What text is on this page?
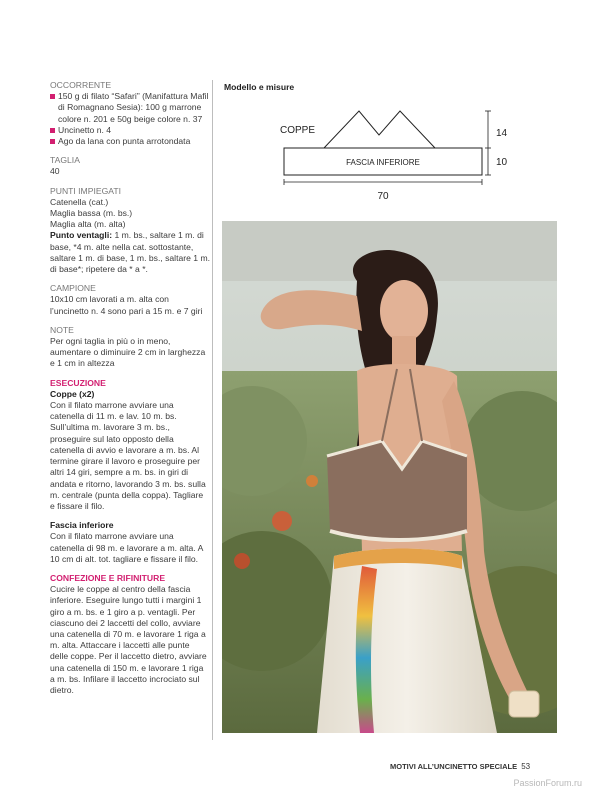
OCCORRENTE

150 g di filato “Safari” (Manifattura Mafil di Romagnano Sesia): 100 g marrone colore n. 201 e 50g beige colore n. 37

Uncinetto n. 4

Ago da lana con punta arrotondata

TAGLIA

40

PUNTI IMPIEGATI

Catenella (cat.)

Maglia bassa (m. bs.)

Maglia alta (m. alta)

Punto ventagli: 1 m. bs., saltare 1 m. di base, *4 m. alte nella cat. sottostante, saltare 1 m. di base, 1 m. bs., saltare 1 m. di base*; ripetere da * a *.

CAMPIONE

10x10 cm lavorati a m. alta con l’uncinetto n. 4 sono pari a 15 m. e 7 giri

NOTE

Per ogni taglia in più o in meno, aumentare o diminuire 2 cm in larghezza e 1 cm in altezza

ESECUZIONE

Coppe (x2)

Con il filato marrone avviare una catenella di 11 m. e lav. 10 m. bs. Sull’ultima m. lavorare 3 m. bs., proseguire sul lato opposto della catenella di avvio e lavorare a m. bs. Al termine girare il lavoro e proseguire per altri 14 giri, sempre a m. bs. in giri di andata e ritorno, lavorando 3 m. bs. sulla m. centrale (punta della coppa). Tagliare e fissare il filo.

Fascia inferiore

Con il filato marrone avviare una catenella di 98 m. e lavorare a m. alta. A 10 cm di alt. tot. tagliare e fissare il filo.

CONFEZIONE E RIFINITURE

Cucire le coppe al centro della fascia inferiore. Eseguire lungo tutti i margini 1 giro a m. bs. e 1 giro a p. ventagli. Per ciascuno dei 2 laccetti del collo, avviare una catenella di 70 m. e lavorare 1 riga a m. alta. Attaccare i laccetti alle punte delle coppe. Per il laccetto dietro, avviare una catenella di 150 m. e lavorare 1 riga a m. bs. Infilare il laccetto incrociato sul dietro.

Modello e misure
COPPE
FASCIA INFERIORE
14
10
70
MOTIVI ALL’UNCINETTO SPECIALE 53
PassionForum.ru
